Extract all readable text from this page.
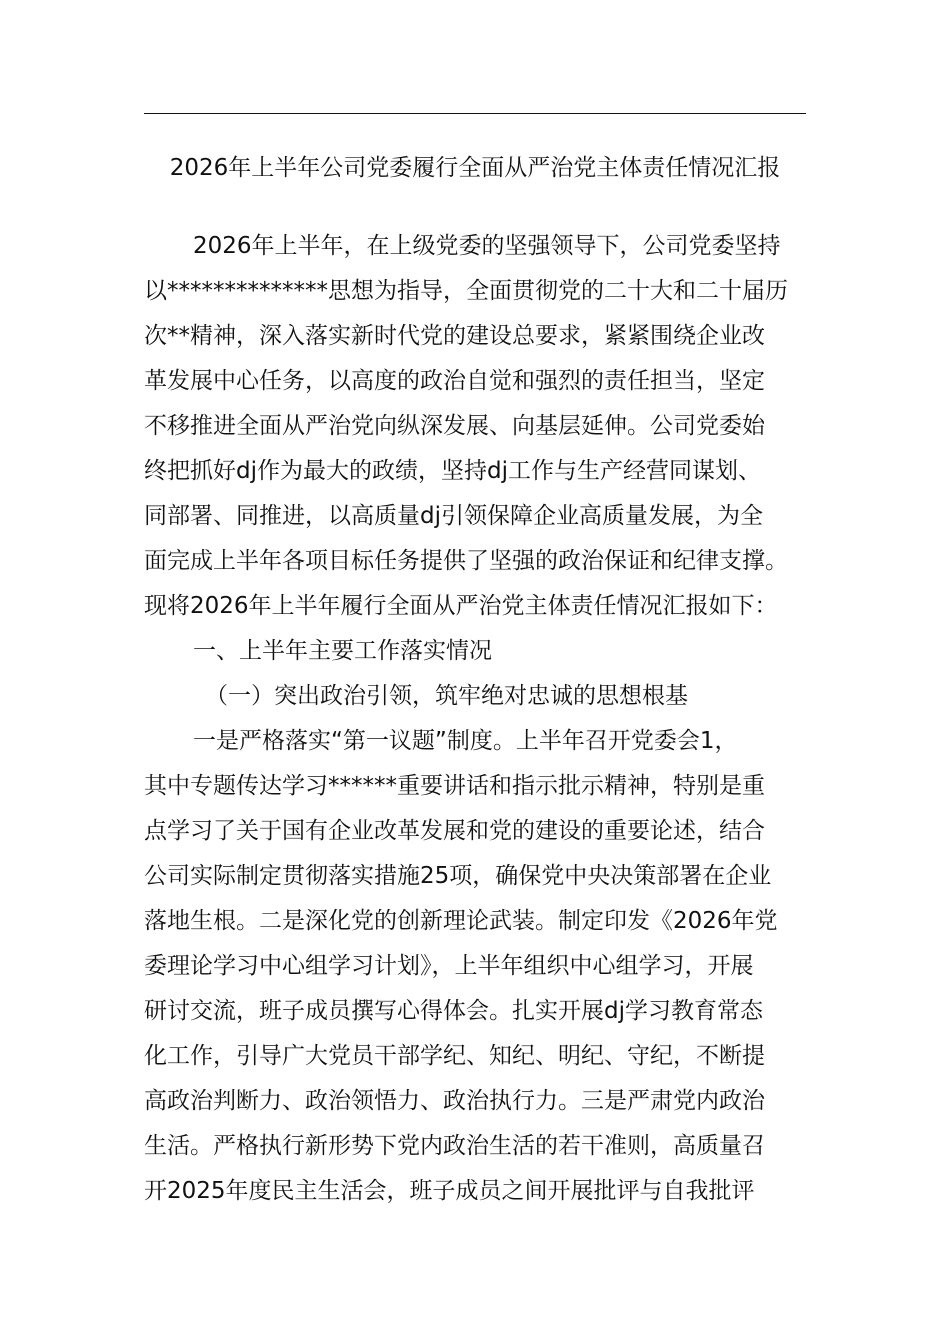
2026年上半年公司党委履行全面从严治党主体责任情况汇报
2026年上半年，在上级党委的坚强领导下，公司党委坚持
以**************思想为指导，全面贯彻党的二十大和二十届历
次**精神，深入落实新时代党的建设总要求，紧紧围绕企业改
革发展中心任务，以高度的政治自觉和强烈的责任担当，坚定
不移推进全面从严治党向纵深发展、向基层延伸。公司党委始
终把抓好dj作为最大的政绩，坚持dj工作与生产经营同谋划、
同部署、同推进，以高质量dj引领保障企业高质量发展，为全
面完成上半年各项目标任务提供了坚强的政治保证和纪律支撑。
现将2026年上半年履行全面从严治党主体责任情况汇报如下：
一、上半年主要工作落实情况
（一）突出政治引领，筑牢绝对忠诚的思想根基
一是严格落实“第一议题”制度。上半年召开党委会1，
其中专题传达学习******重要讲话和指示批示精神，特别是重
点学习了关于国有企业改革发展和党的建设的重要论述，结合
公司实际制定贯彻落实措施25项，确保党中央决策部署在企业
落地生根。二是深化党的创新理论武装。制定印发《2026年党
委理论学习中心组学习计划》，上半年组织中心组学习，开展
研讨交流，班子成员撰写心得体会。扎实开展dj学习教育常态
化工作，引导广大党员干部学纪、知纪、明纪、守纪，不断提
高政治判断力、政治领悟力、政治执行力。三是严肃党内政治
生活。严格执行新形势下党内政治生活的若干准则，高质量召
开2025年度民主生活会，班子成员之间开展批评与自我批评
